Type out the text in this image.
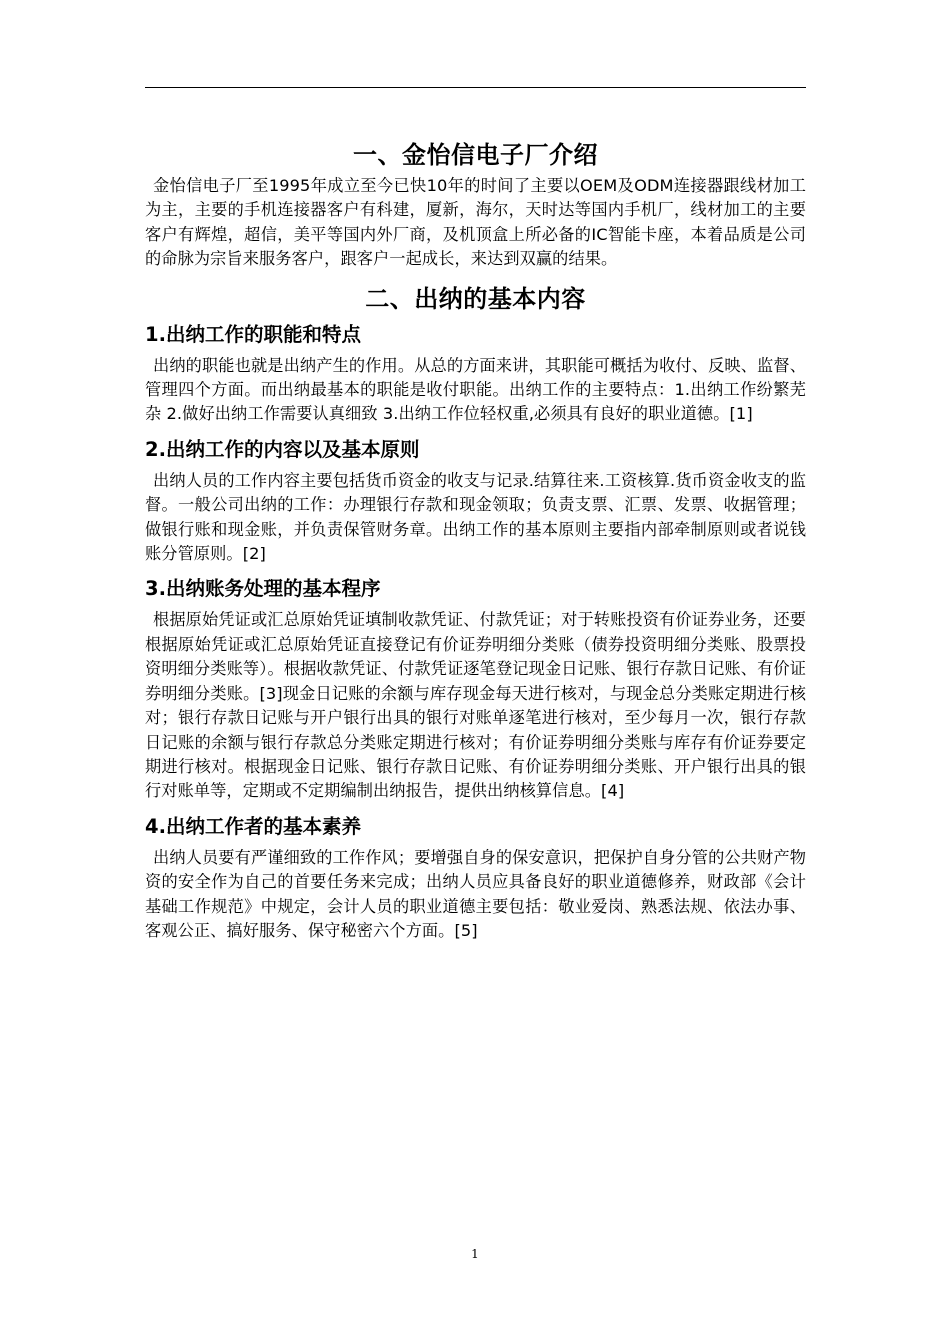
一、金怡信电子厂介绍

金怡信电子厂至1995年成立至今已快10年的时间了主要以OEM及ODM连接器跟线材加工为主，主要的手机连接器客户有科建，厦新，海尔，天时达等国内手机厂，线材加工的主要客户有辉煌，超信，美平等国内外厂商，及机顶盒上所必备的IC智能卡座，本着品质是公司的命脉为宗旨来服务客户，跟客户一起成长，来达到双赢的结果。

二、出纳的基本内容
1.出纳工作的职能和特点

出纳的职能也就是出纳产生的作用。从总的方面来讲，其职能可概括为收付、反映、监督、管理四个方面。而出纳最基本的职能是收付职能。出纳工作的主要特点：1.出纳工作纷繁芜杂 2.做好出纳工作需要认真细致 3.出纳工作位轻权重,必须具有良好的职业道德。[1]

2.出纳工作的内容以及基本原则

出纳人员的工作内容主要包括货币资金的收支与记录.结算往来.工资核算.货币资金收支的监督。一般公司出纳的工作：办理银行存款和现金领取；负责支票、汇票、发票、收据管理；做银行账和现金账，并负责保管财务章。出纳工作的基本原则主要指内部牵制原则或者说钱账分管原则。[2]

3.出纳账务处理的基本程序

根据原始凭证或汇总原始凭证填制收款凭证、付款凭证；对于转账投资有价证券业务，还要根据原始凭证或汇总原始凭证直接登记有价证券明细分类账（债券投资明细分类账、股票投资明细分类账等）。根据收款凭证、付款凭证逐笔登记现金日记账、银行存款日记账、有价证券明细分类账。[3]现金日记账的余额与库存现金每天进行核对，与现金总分类账定期进行核对；银行存款日记账与开户银行出具的银行对账单逐笔进行核对，至少每月一次，银行存款日记账的余额与银行存款总分类账定期进行核对；有价证券明细分类账与库存有价证券要定期进行核对。根据现金日记账、银行存款日记账、有价证券明细分类账、开户银行出具的银行对账单等，定期或不定期编制出纳报告，提供出纳核算信息。[4]

4.出纳工作者的基本素养

出纳人员要有严谨细致的工作作风；要增强自身的保安意识，把保护自身分管的公共财产物资的安全作为自己的首要任务来完成；出纳人员应具备良好的职业道德修养，财政部《会计基础工作规范》中规定，会计人员的职业道德主要包括：敬业爱岗、熟悉法规、依法办事、客观公正、搞好服务、保守秘密六个方面。[5]

1
